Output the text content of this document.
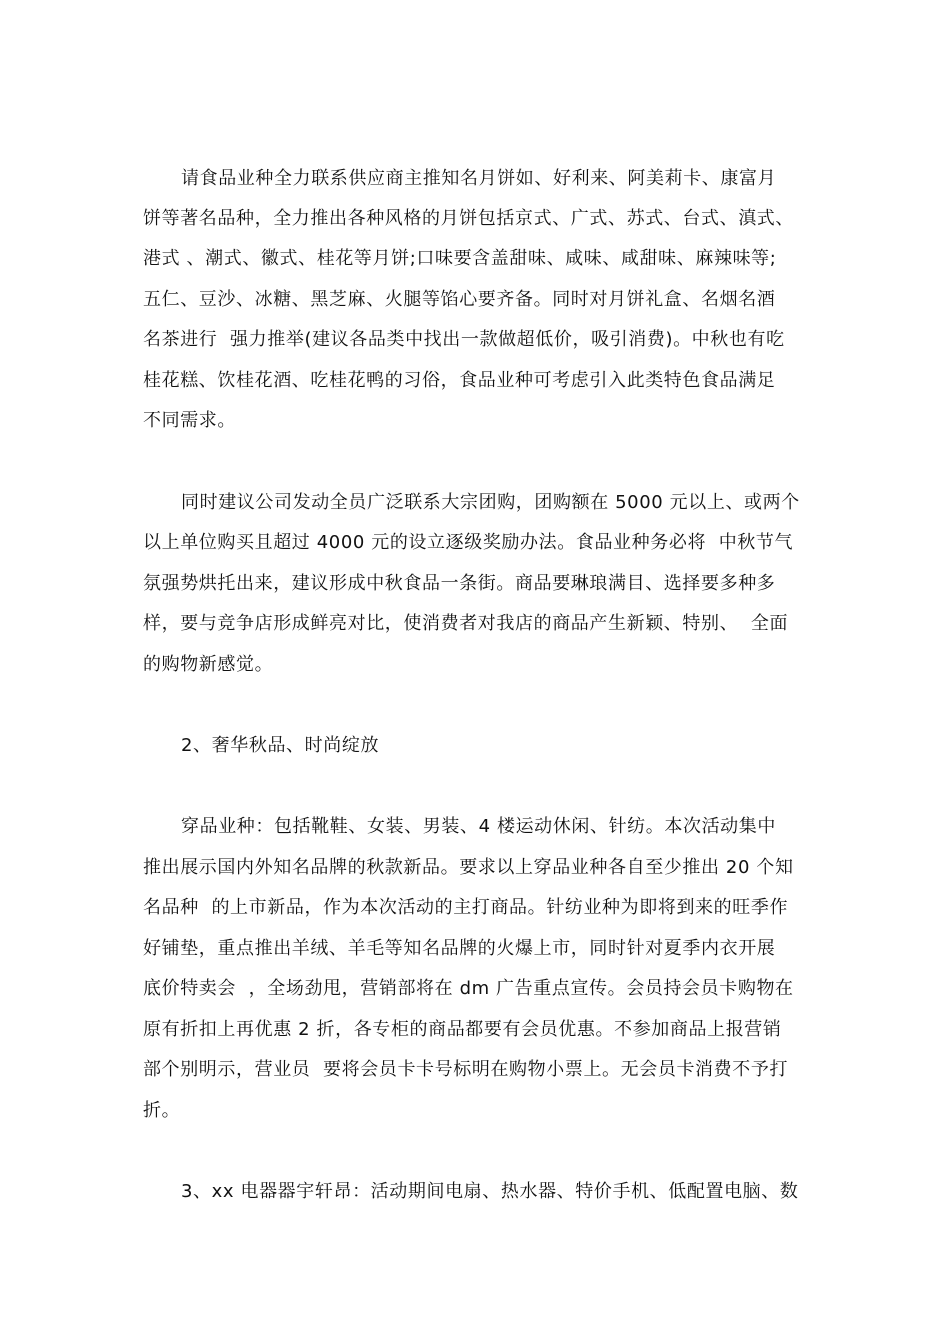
请食品业种全力联系供应商主推知名月饼如、好利来、阿美莉卡、康富月

饼等著名品种，全力推出各种风格的月饼包括京式、广式、苏式、台式、滇式、

港式 、潮式、徽式、桂花等月饼;口味要含盖甜味、咸味、咸甜味、麻辣味等;

五仁、豆沙、冰糖、黑芝麻、火腿等馅心要齐备。同时对月饼礼盒、名烟名酒

名茶进行  强力推举(建议各品类中找出一款做超低价，吸引消费)。中秋也有吃

桂花糕、饮桂花酒、吃桂花鸭的习俗，食品业种可考虑引入此类特色食品满足

不同需求。

同时建议公司发动全员广泛联系大宗团购，团购额在 5000 元以上、或两个

以上单位购买且超过 4000 元的设立逐级奖励办法。食品业种务必将  中秋节气

氛强势烘托出来，建议形成中秋食品一条街。商品要琳琅满目、选择要多种多

样，要与竞争店形成鲜亮对比，使消费者对我店的商品产生新颖、特别、  全面

的购物新感觉。

2、奢华秋品、时尚绽放

穿品业种：包括靴鞋、女装、男装、4 楼运动休闲、针纺。本次活动集中

推出展示国内外知名品牌的秋款新品。要求以上穿品业种各自至少推出 20 个知

名品种  的上市新品，作为本次活动的主打商品。针纺业种为即将到来的旺季作

好铺垫，重点推出羊绒、羊毛等知名品牌的火爆上市，同时针对夏季内衣开展

底价特卖会  ，全场劲甩，营销部将在 dm 广告重点宣传。会员持会员卡购物在

原有折扣上再优惠 2 折，各专柜的商品都要有会员优惠。不参加商品上报营销

部个别明示，营业员  要将会员卡卡号标明在购物小票上。无会员卡消费不予打

折。

3、xx 电器器宇轩昂：活动期间电扇、热水器、特价手机、低配置电脑、数
